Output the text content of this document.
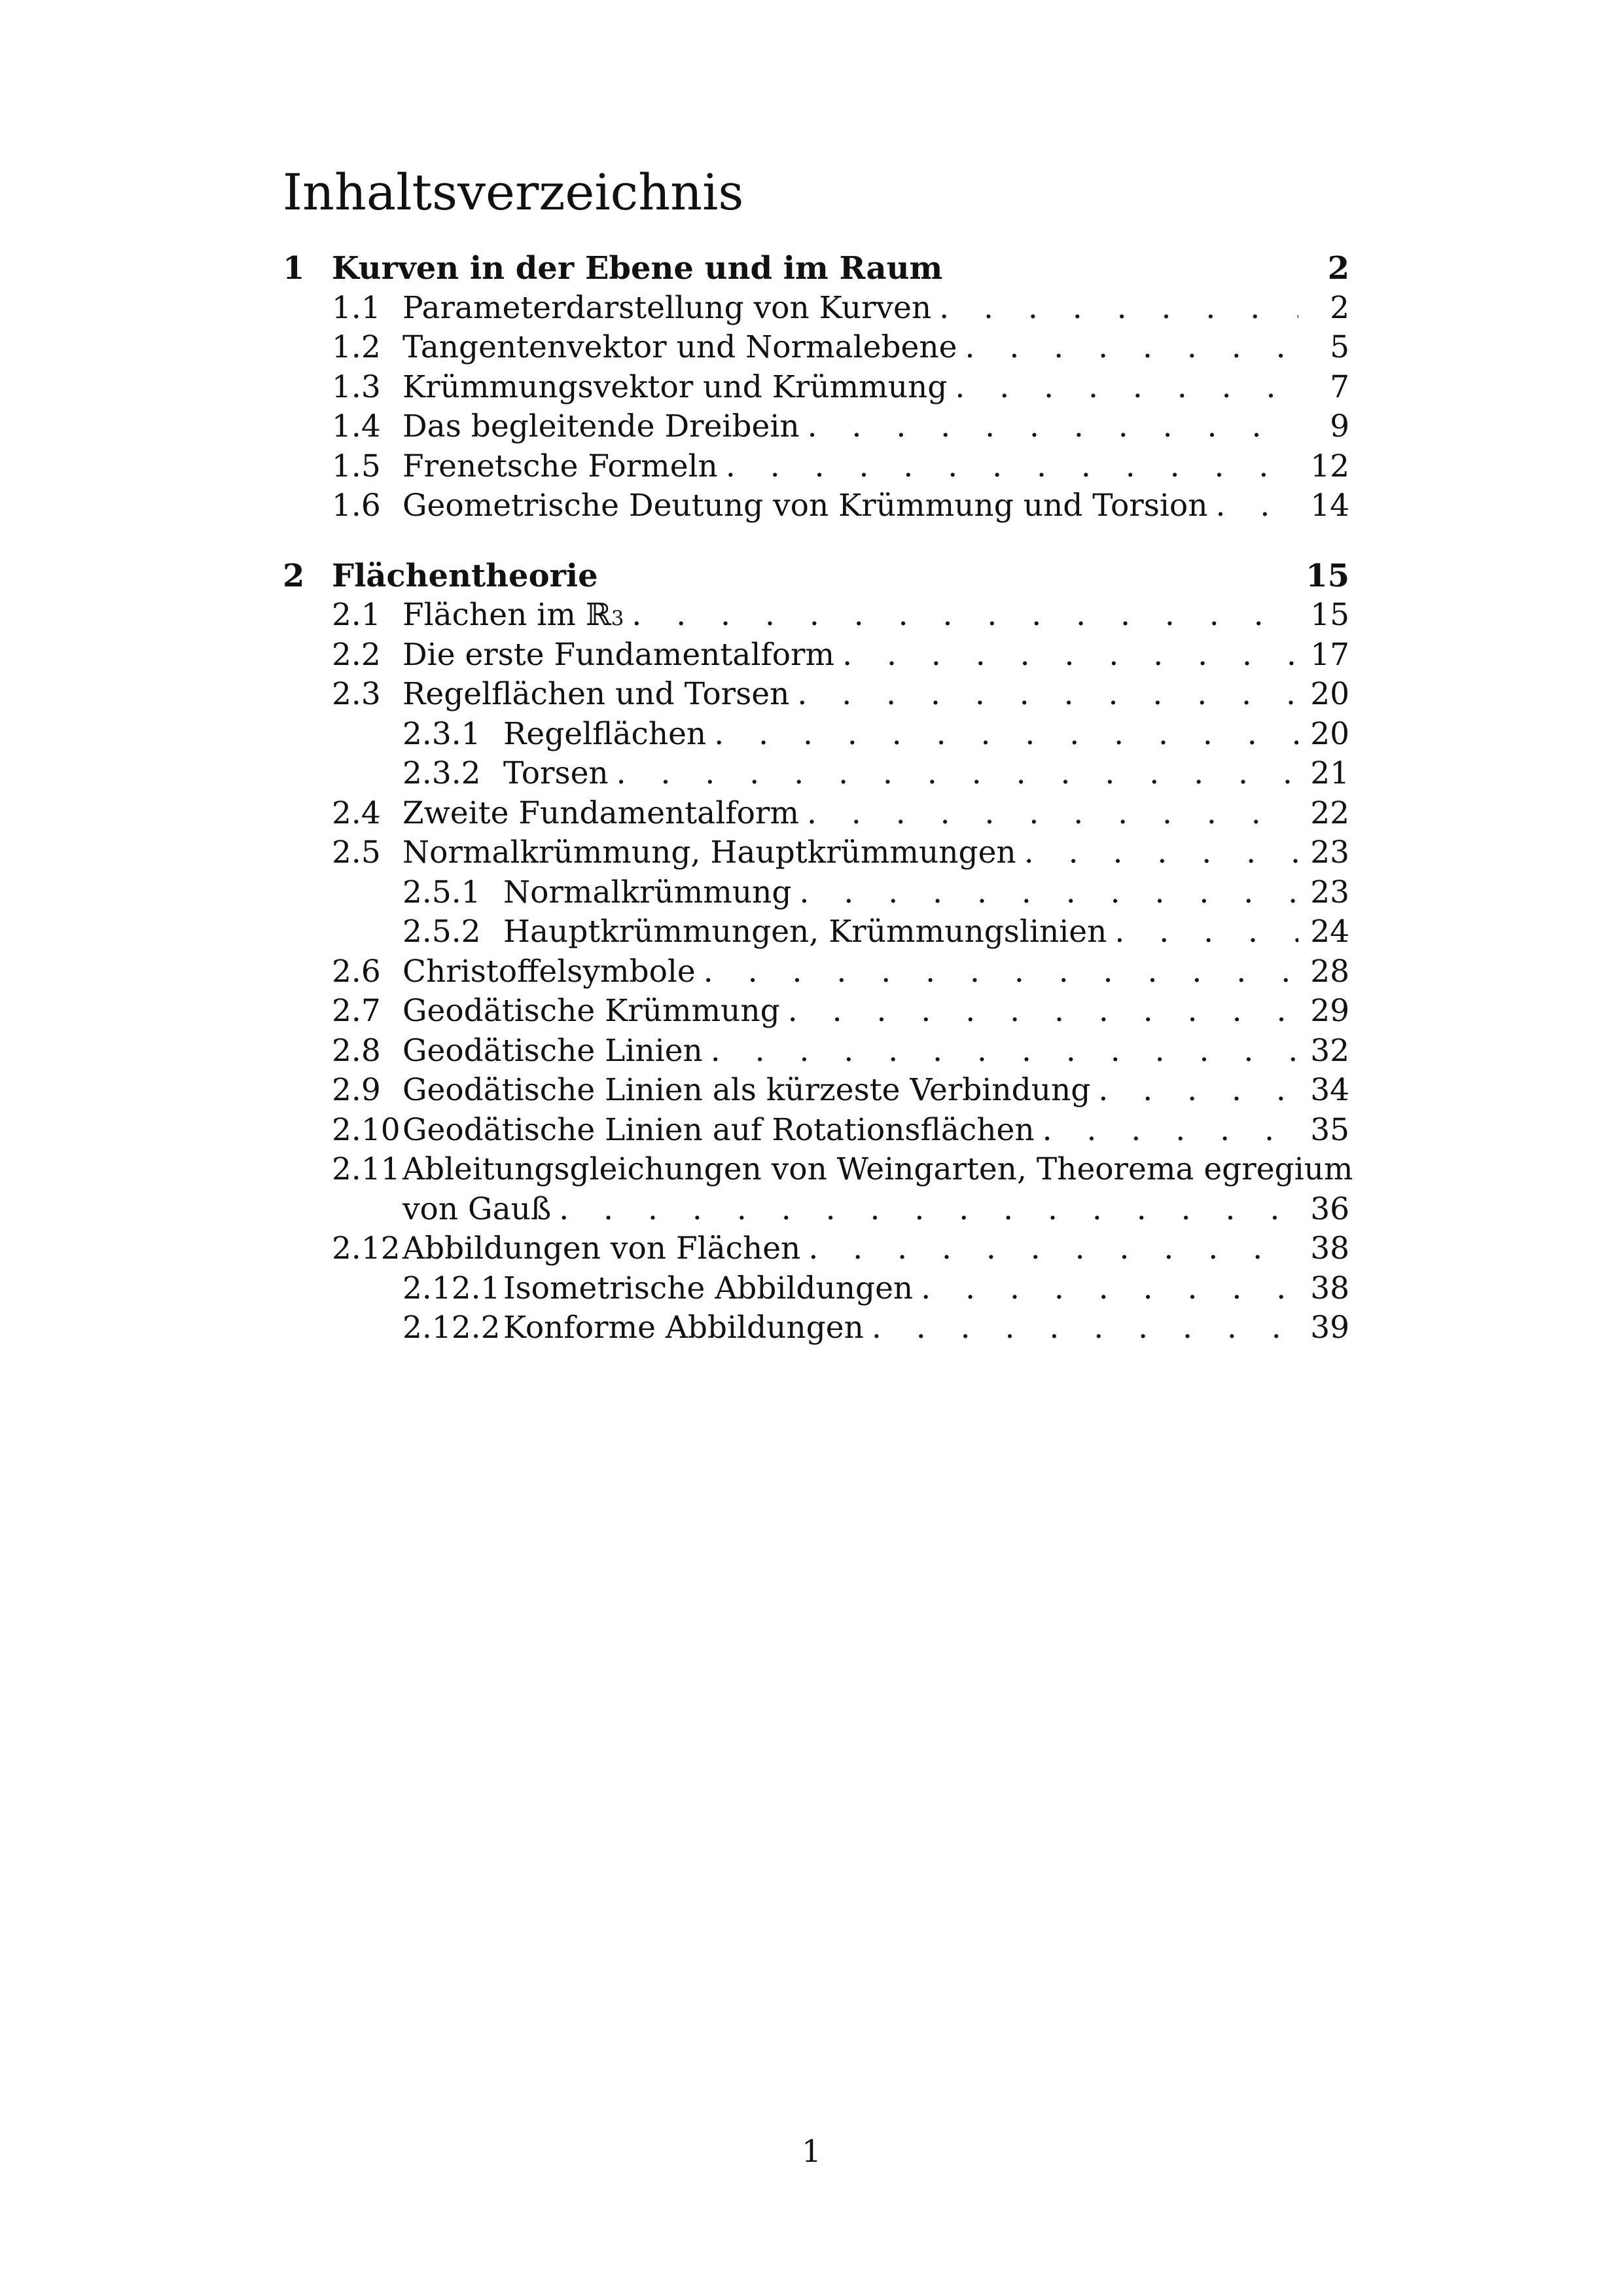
Inhaltsverzeichnis
1 Kurven in der Ebene und im Raum	2
1.1 Parameterdarstellung von Kurven . . .	2
1.2 Tangentenvektor und Normalebene . . .	5
1.3 Krümmungsvektor und Krümmung . . .	7
1.4 Das begleitende Dreibein . . .	9
1.5 Frenetsche Formeln . . .	12
1.6 Geometrische Deutung von Krümmung und Torsion . . .	14
2 Flächentheorie	15
2.1 Flächen im ℝ 3 . . .	15
2.2 Die erste Fundamentalform . . .	17
2.3 Regelflächen und Torsen . . .	20
2.3.1 Regelflächen . . .	20
2.3.2 Torsen . . .	21
2.4 Zweite Fundamentalform . . .	22
2.5 Normalkrümmung, Hauptkrümmungen . . .	23
2.5.1 Normalkrümmung . . .	23
2.5.2 Hauptkrümmungen, Krümmungslinien . . .	24
2.6 Christoffelsymbole . . .	28
2.7 Geodätische Krümmung . . .	29
2.8 Geodätische Linien . . .	32
2.9 Geodätische Linien als kürzeste Verbindung . . .	34
2.10 Geodätische Linien auf Rotationsflächen . . .	35
2.11 Ableitungsgleichungen von Weingarten, Theorema egregium
von Gauß . . .	36
2.12 Abbildungen von Flächen . . .	38
2.12.1 Isometrische Abbildungen . . .	38
2.12.2 Konforme Abbildungen . . .	39
1
